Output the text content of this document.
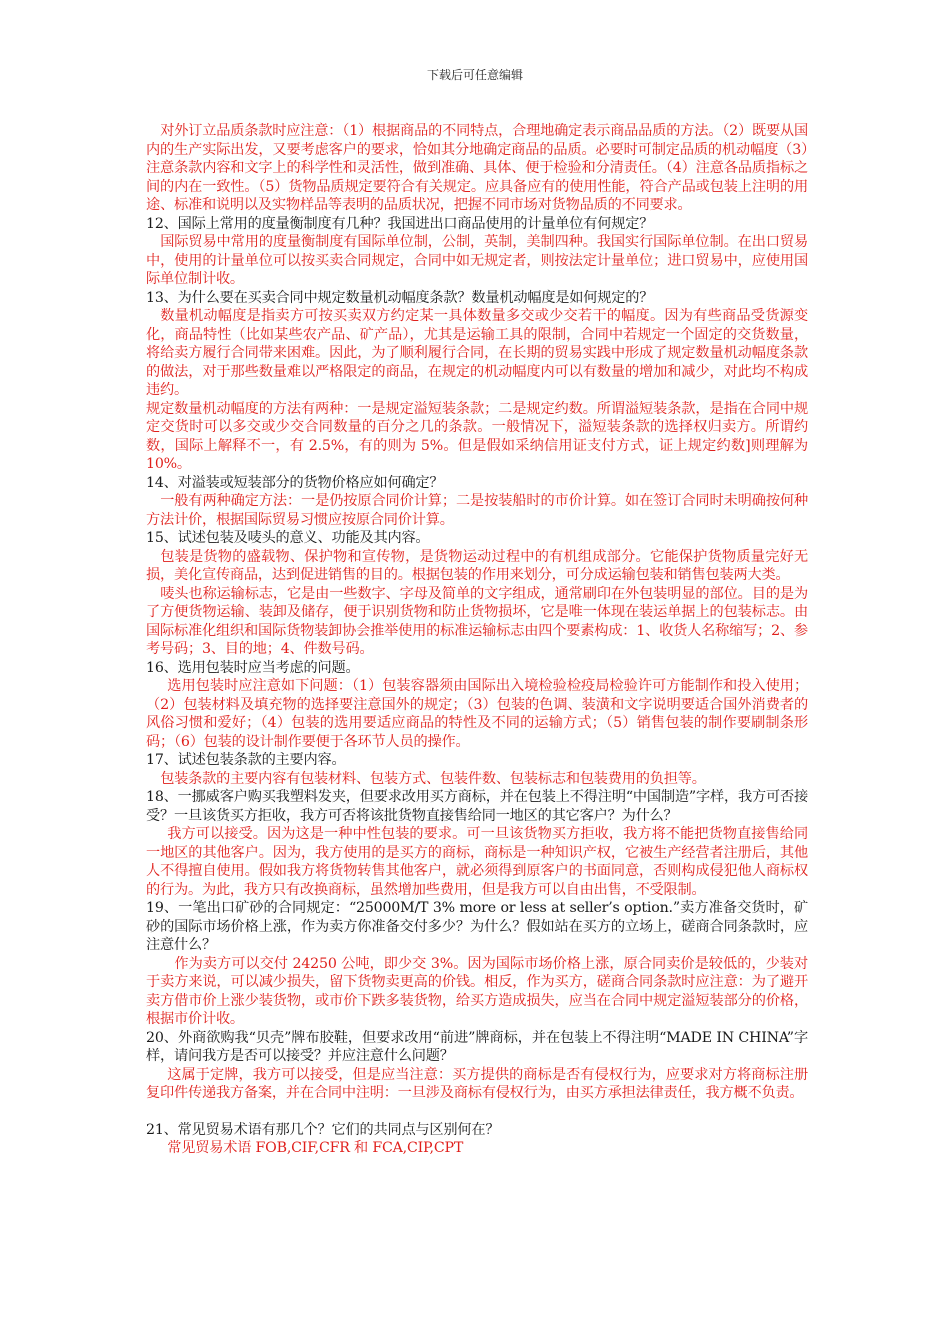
下载后可任意编辑

对外订立品质条款时应注意：（1）根据商品的不同特点，合理地确定表示商品品质的方法。（2）既要从国内的生产实际出发，又要考虑客户的要求，恰如其分地确定商品的品质。必要时可制定品质的机动幅度（3）注意条款内容和文字上的科学性和灵活性，做到准确、具体、便于检验和分清责任。（4）注意各品质指标之间的内在一致性。（5）货物品质规定要符合有关规定。应具备应有的使用性能，符合产品或包装上注明的用途、标准和说明以及实物样品等表明的品质状况，把握不同市场对货物品质的不同要求。

12、国际上常用的度量衡制度有几种？我国进出口商品使用的计量单位有何规定？

国际贸易中常用的度量衡制度有国际单位制，公制，英制，美制四种。我国实行国际单位制。在出口贸易中，使用的计量单位可以按买卖合同规定，合同中如无规定者，则按法定计量单位；进口贸易中，应使用国际单位制计收。

13、为什么要在买卖合同中规定数量机动幅度条款？数量机动幅度是如何规定的？

数量机动幅度是指卖方可按买卖双方约定某一具体数量多交或少交若干的幅度。因为有些商品受货源变化，商品特性（比如某些农产品、矿产品），尤其是运输工具的限制，合同中若规定一个固定的交货数量，将给卖方履行合同带来困难。因此，为了顺利履行合同，在长期的贸易实践中形成了规定数量机动幅度条款的做法，对于那些数量难以严格限定的商品，在规定的机动幅度内可以有数量的增加和减少，对此均不构成违约。

规定数量机动幅度的方法有两种：一是规定溢短装条款；二是规定约数。所谓溢短装条款，是指在合同中规定交货时可以多交或少交合同数量的百分之几的条款。一般情况下，溢短装条款的选择权归卖方。所谓约数，国际上解释不一，有 2.5%，有的则为 5%。但是假如采纳信用证支付方式，证上规定约数]则理解为 10%。

14、对溢装或短装部分的货物价格应如何确定？

一般有两种确定方法：一是仍按原合同价计算；二是按装船时的市价计算。如在签订合同时未明确按何种方法计价，根据国际贸易习惯应按原合同价计算。

15、试述包装及唛头的意义、功能及其内容。

包装是货物的盛载物、保护物和宣传物，是货物运动过程中的有机组成部分。它能保护货物质量完好无损，美化宣传商品，达到促进销售的目的。根据包装的作用来划分，可分成运输包装和销售包装两大类。

唛头也称运输标志，它是由一些数字、字母及简单的文字组成，通常刷印在外包装明显的部位。目的是为了方便货物运输、装卸及储存，便于识别货物和防止货物损坏，它是唯一体现在装运单据上的包装标志。由国际标准化组织和国际货物装卸协会推举使用的标准运输标志由四个要素构成：1、收货人名称缩写；2、参考号码；3、目的地；4、件数号码。

16、选用包装时应当考虑的问题。

选用包装时应注意如下问题：（1）包装容器须由国际出入境检验检疫局检验许可方能制作和投入使用；（2）包装材料及填充物的选择要注意国外的规定；（3）包装的色调、装潢和文字说明要适合国外消费者的风俗习惯和爱好；（4）包装的选用要适应商品的特性及不同的运输方式；（5）销售包装的制作要刷制条形码；（6）包装的设计制作要便于各环节人员的操作。

17、试述包装条款的主要内容。

包装条款的主要内容有包装材料、包装方式、包装件数、包装标志和包装费用的负担等。

18、一挪威客户购买我塑料发夹，但要求改用买方商标，并在包装上不得注明“中国制造”字样，我方可否接受？一旦该货买方拒收，我方可否将该批货物直接售给同一地区的其它客户？为什么？

我方可以接受。因为这是一种中性包装的要求。可一旦该货物买方拒收，我方将不能把货物直接售给同一地区的其他客户。因为，我方使用的是买方的商标，商标是一种知识产权，它被生产经营者注册后，其他人不得擅自使用。假如我方将货物转售其他客户，就必须得到原客户的书面同意，否则构成侵犯他人商标权的行为。为此，我方只有改换商标，虽然增加些费用，但是我方可以自由出售，不受限制。

19、一笔出口矿砂的合同规定：“25000M/T 3% more or less at seller’s option.”卖方准备交货时，矿砂的国际市场价格上涨，作为卖方你准备交付多少？为什么？假如站在买方的立场上，磋商合同条款时，应注意什么？

作为卖方可以交付 24250 公吨，即少交 3%。因为国际市场价格上涨，原合同卖价是较低的，少装对于卖方来说，可以减少损失，留下货物卖更高的价钱。相反，作为买方，磋商合同条款时应注意：为了避开卖方借市价上涨少装货物，或市价下跌多装货物，给买方造成损失，应当在合同中规定溢短装部分的价格，根据市价计收。

20、外商欲购我“贝壳”牌布胶鞋，但要求改用“前进”牌商标，并在包装上不得注明“MADE IN CHINA”字样，请问我方是否可以接受？并应注意什么问题？

这属于定牌，我方可以接受，但是应当注意：买方提供的商标是否有侵权行为，应要求对方将商标注册复印件传递我方备案，并在合同中注明：一旦涉及商标有侵权行为，由买方承担法律责任，我方概不负责。

21、常见贸易术语有那几个？它们的共同点与区别何在？

常见贸易术语 FOB,CIF,CFR 和 FCA,CIP,CPT
